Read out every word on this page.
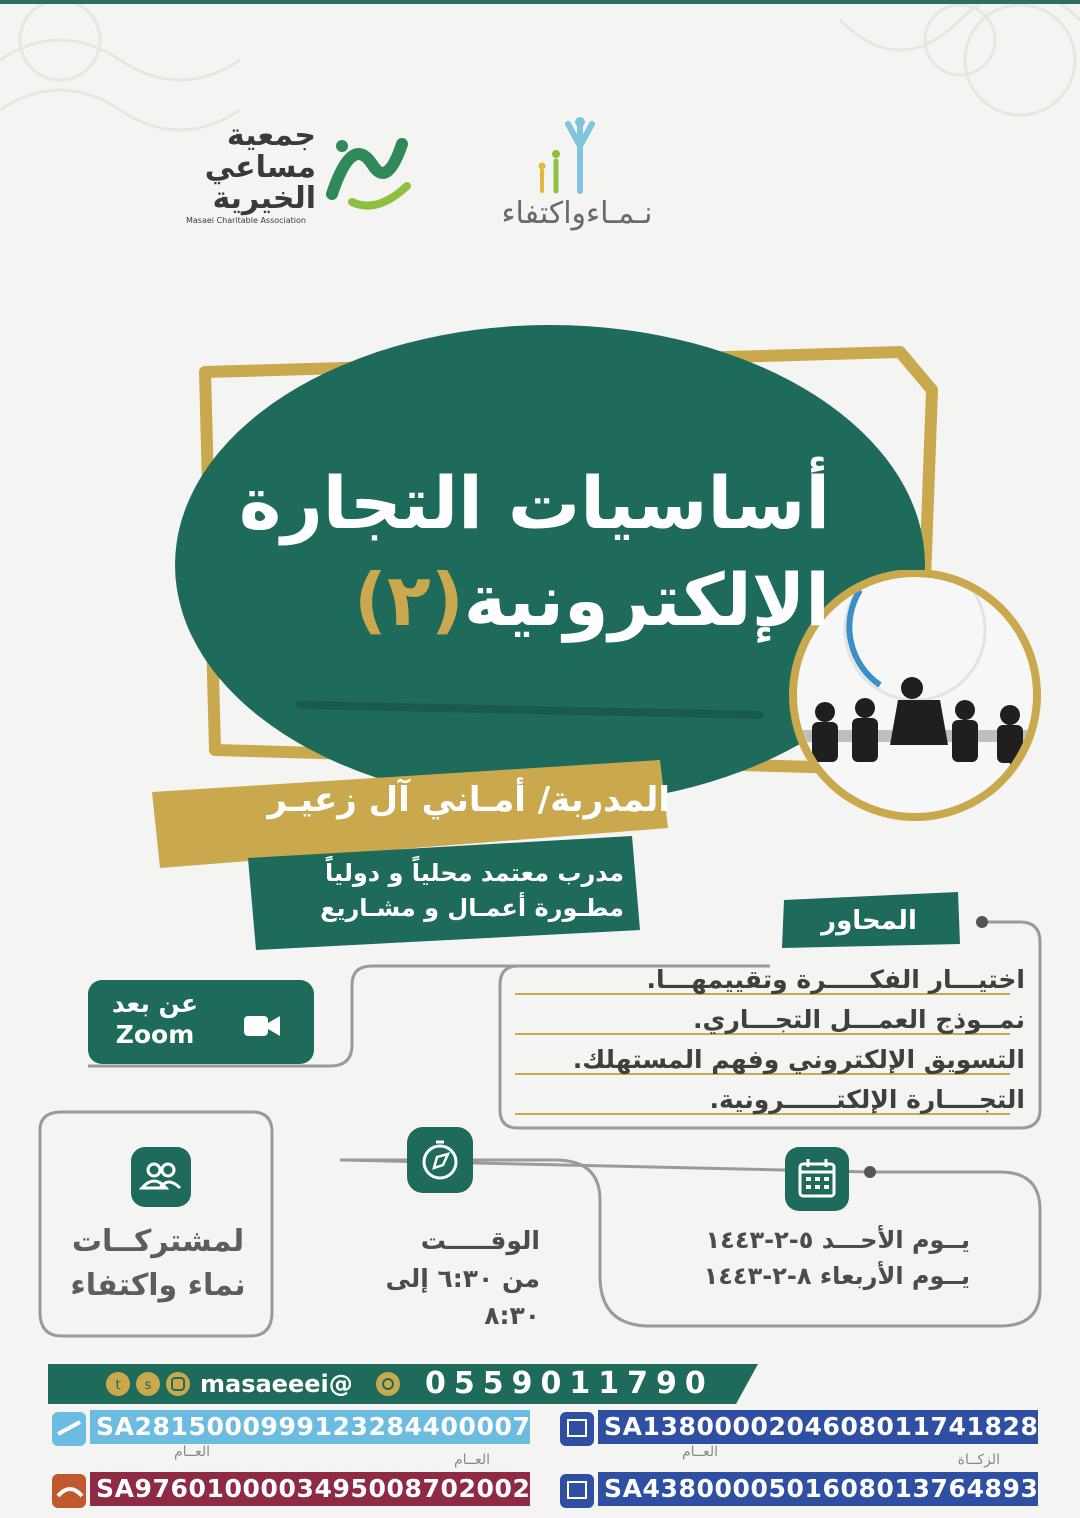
جمعية
مساعي
الخيرية
Masaei Charitable Association	نـمـاءواكتفاء
أساسيات التجارة
الإلكترونية(٢)
المدربة/ أمـاني آل زعيـر
مدرب معتمد محلياً و دولياً
مطـورة أعمـال و مشـاريع	المحاور
اختيـــار الفكـــــرة وتقييمهـــا.
نمــوذج العمـــل التجـــاري.
التسويق الإلكتروني وفهم المستهلك.
التجــــارة الإلكتــــــرونية.
عن بعد
Zoom
لمشتركــات
نماء واكتفاء
الوقـــــت
من ٦:٣٠ إلى ٨:٣٠
يــوم الأحـــد ٥-٢-١٤٤٣
يــوم الأربعاء ٨-٢-١٤٤٣
t s masaeeei@ 0559011790
SA2815000999123284400007
العــام
SA1380000204608011741828
العــام
SA9760100003495008702002
العــام
SA4380000501608013764893
الزكــاة
